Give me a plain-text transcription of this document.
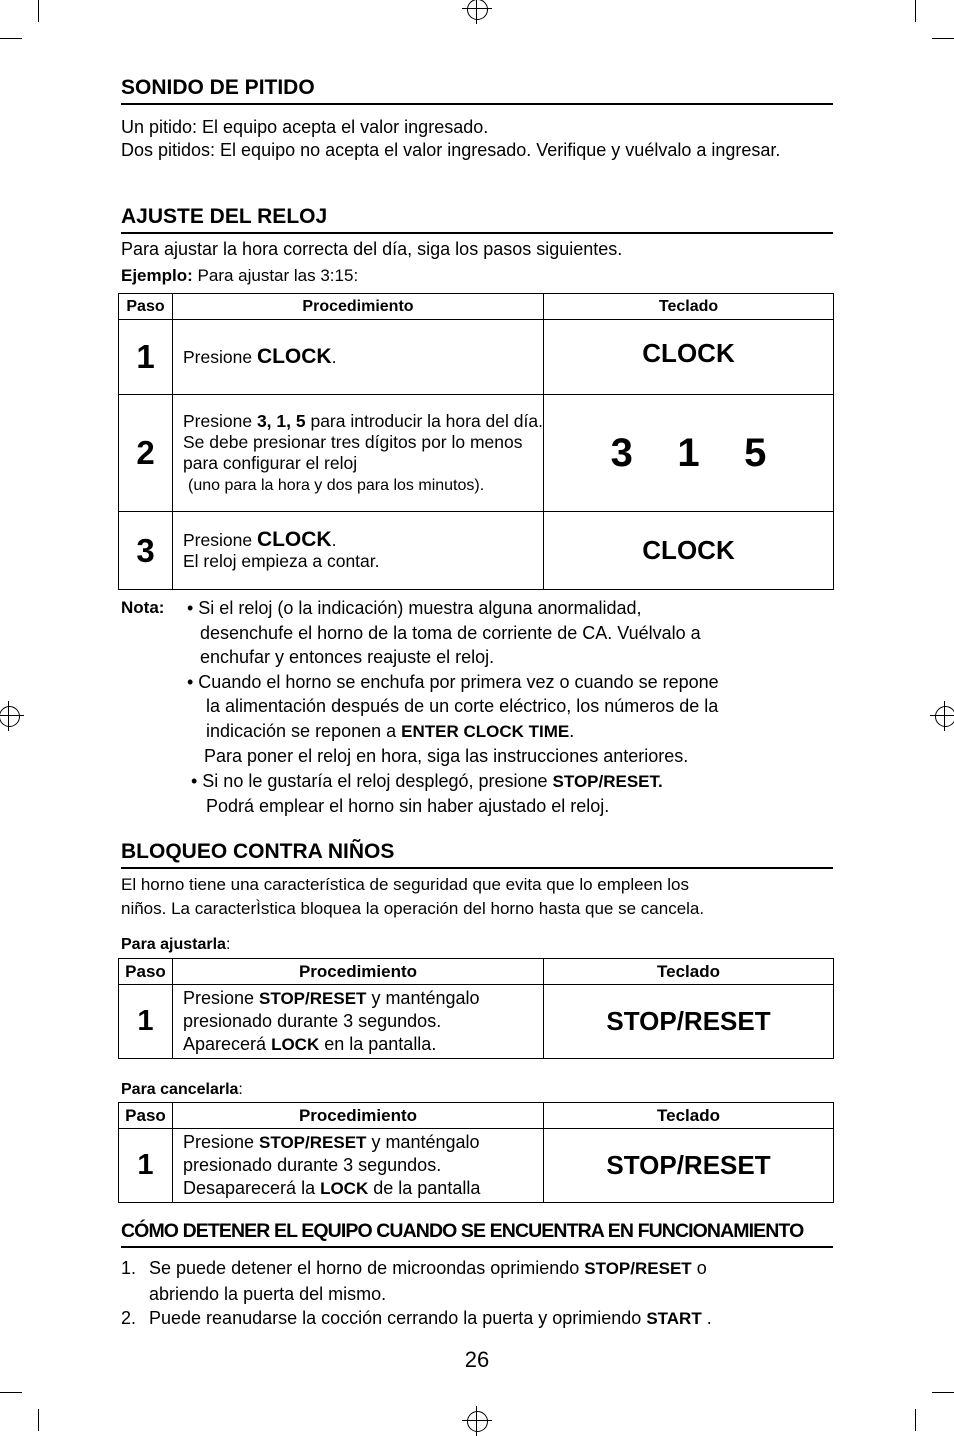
SONIDO DE PITIDO
Un pitido: El equipo acepta el valor ingresado.
Dos pitidos: El equipo no acepta el valor ingresado. Verifique y vuélvalo a ingresar.
AJUSTE DEL RELOJ
Para ajustar la hora correcta del día, siga los pasos siguientes.
Ejemplo: Para ajustar las 3:15:
Paso	Procedimiento	Teclado
1	Presione CLOCK.	CLOCK
2	Presione 3, 1, 5 para introducir la hora del día. Se debe presionar tres dígitos por lo menos para configurar el reloj
(uno para la hora y dos para los minutos).	3    1    5
3	Presione CLOCK.
El reloj empieza a contar.	CLOCK
Nota: • Si el reloj (o la indicación) muestra alguna anormalidad,
desenchufe el horno de la toma de corriente de CA. Vuélvalo a
enchufar y entonces reajuste el reloj.
• Cuando el horno se enchufa por primera vez o cuando se repone
la alimentación después de un corte eléctrico, los números de la
indicación se reponen a ENTER CLOCK TIME.
Para poner el reloj en hora, siga las instrucciones anteriores.
• Si no le gustaría el reloj desplegó, presione STOP/RESET.
Podrá emplear el horno sin haber ajustado el reloj.
BLOQUEO CONTRA NIÑOS
El horno tiene una característica de seguridad que evita que lo empleen los
niños. La caracterÌstica bloquea la operación del horno hasta que se cancela.
Para ajustarla:
Paso	Procedimiento	Teclado
1	Presione STOP/RESET y manténgalo
presionado durante 3 segundos.
Aparecerá LOCK en la pantalla.	STOP/RESET
Para cancelarla:
Paso	Procedimiento	Teclado
1	Presione STOP/RESET y manténgalo
presionado durante 3 segundos.
Desaparecerá la LOCK de la pantalla	STOP/RESET
CÓMO DETENER EL EQUIPO CUANDO SE ENCUENTRA EN FUNCIONAMIENTO
1. Se puede detener el horno de microondas oprimiendo STOP/RESET o
abriendo la puerta del mismo.
2. Puede reanudarse la cocción cerrando la puerta y oprimiendo START .
26
